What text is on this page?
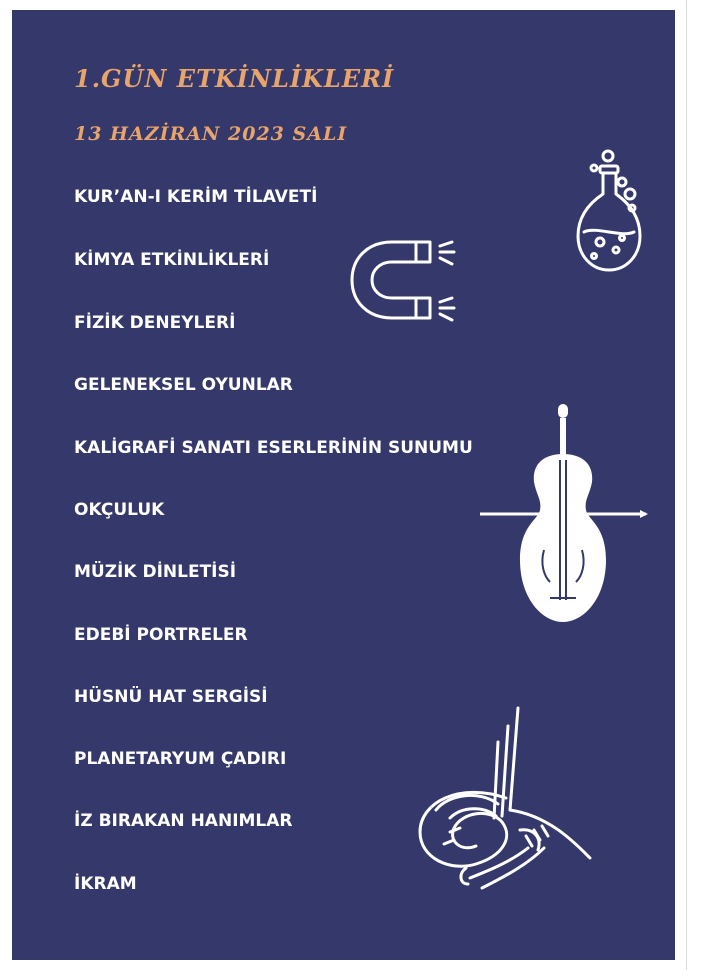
1.GÜN ETKİNLİKLERİ
13 HAZİRAN 2023 SALI
KUR’AN-I KERİM TİLAVETİ
KİMYA ETKİNLİKLERİ
FİZİK DENEYLERİ
GELENEKSEL OYUNLAR
KALİGRAFİ SANATI ESERLERİNİN SUNUMU
OKÇULUK
MÜZİK DİNLETİSİ
EDEBİ PORTRELER
HÜSNÜ HAT SERGİSİ
PLANETARYUM ÇADIRI
İZ BIRAKAN HANIMLAR
İKRAM
